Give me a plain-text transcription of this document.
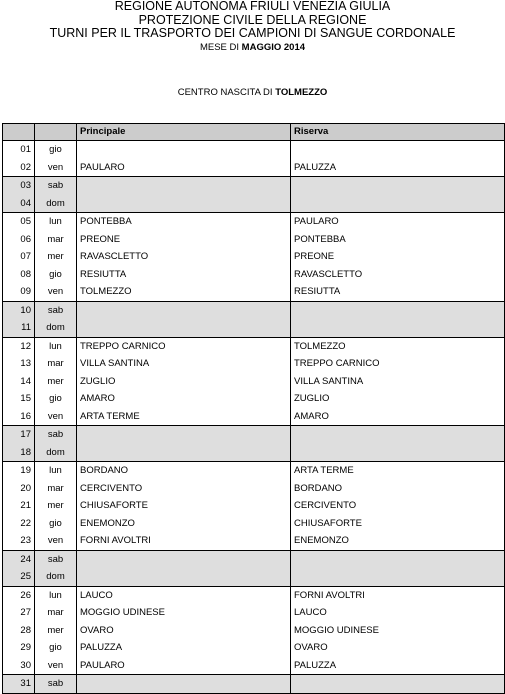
REGIONE AUTONOMA FRIULI VENEZIA GIULIA
PROTEZIONE CIVILE DELLA REGIONE
TURNI PER IL TRASPORTO DEI CAMPIONI DI SANGUE CORDONALE
MESE DI MAGGIO 2014
CENTRO NASCITA DI TOLMEZZO
		Principale	Riserva
01	gio		
02	ven	PAULARO	PALUZZA
03	sab		
04	dom		
05	lun	PONTEBBA	PAULARO
06	mar	PREONE	PONTEBBA
07	mer	RAVASCLETTO	PREONE
08	gio	RESIUTTA	RAVASCLETTO
09	ven	TOLMEZZO	RESIUTTA
10	sab		
11	dom		
12	lun	TREPPO CARNICO	TOLMEZZO
13	mar	VILLA SANTINA	TREPPO CARNICO
14	mer	ZUGLIO	VILLA SANTINA
15	gio	AMARO	ZUGLIO
16	ven	ARTA TERME	AMARO
17	sab		
18	dom		
19	lun	BORDANO	ARTA TERME
20	mar	CERCIVENTO	BORDANO
21	mer	CHIUSAFORTE	CERCIVENTO
22	gio	ENEMONZO	CHIUSAFORTE
23	ven	FORNI AVOLTRI	ENEMONZO
24	sab		
25	dom		
26	lun	LAUCO	FORNI AVOLTRI
27	mar	MOGGIO UDINESE	LAUCO
28	mer	OVARO	MOGGIO UDINESE
29	gio	PALUZZA	OVARO
30	ven	PAULARO	PALUZZA
31	sab		
